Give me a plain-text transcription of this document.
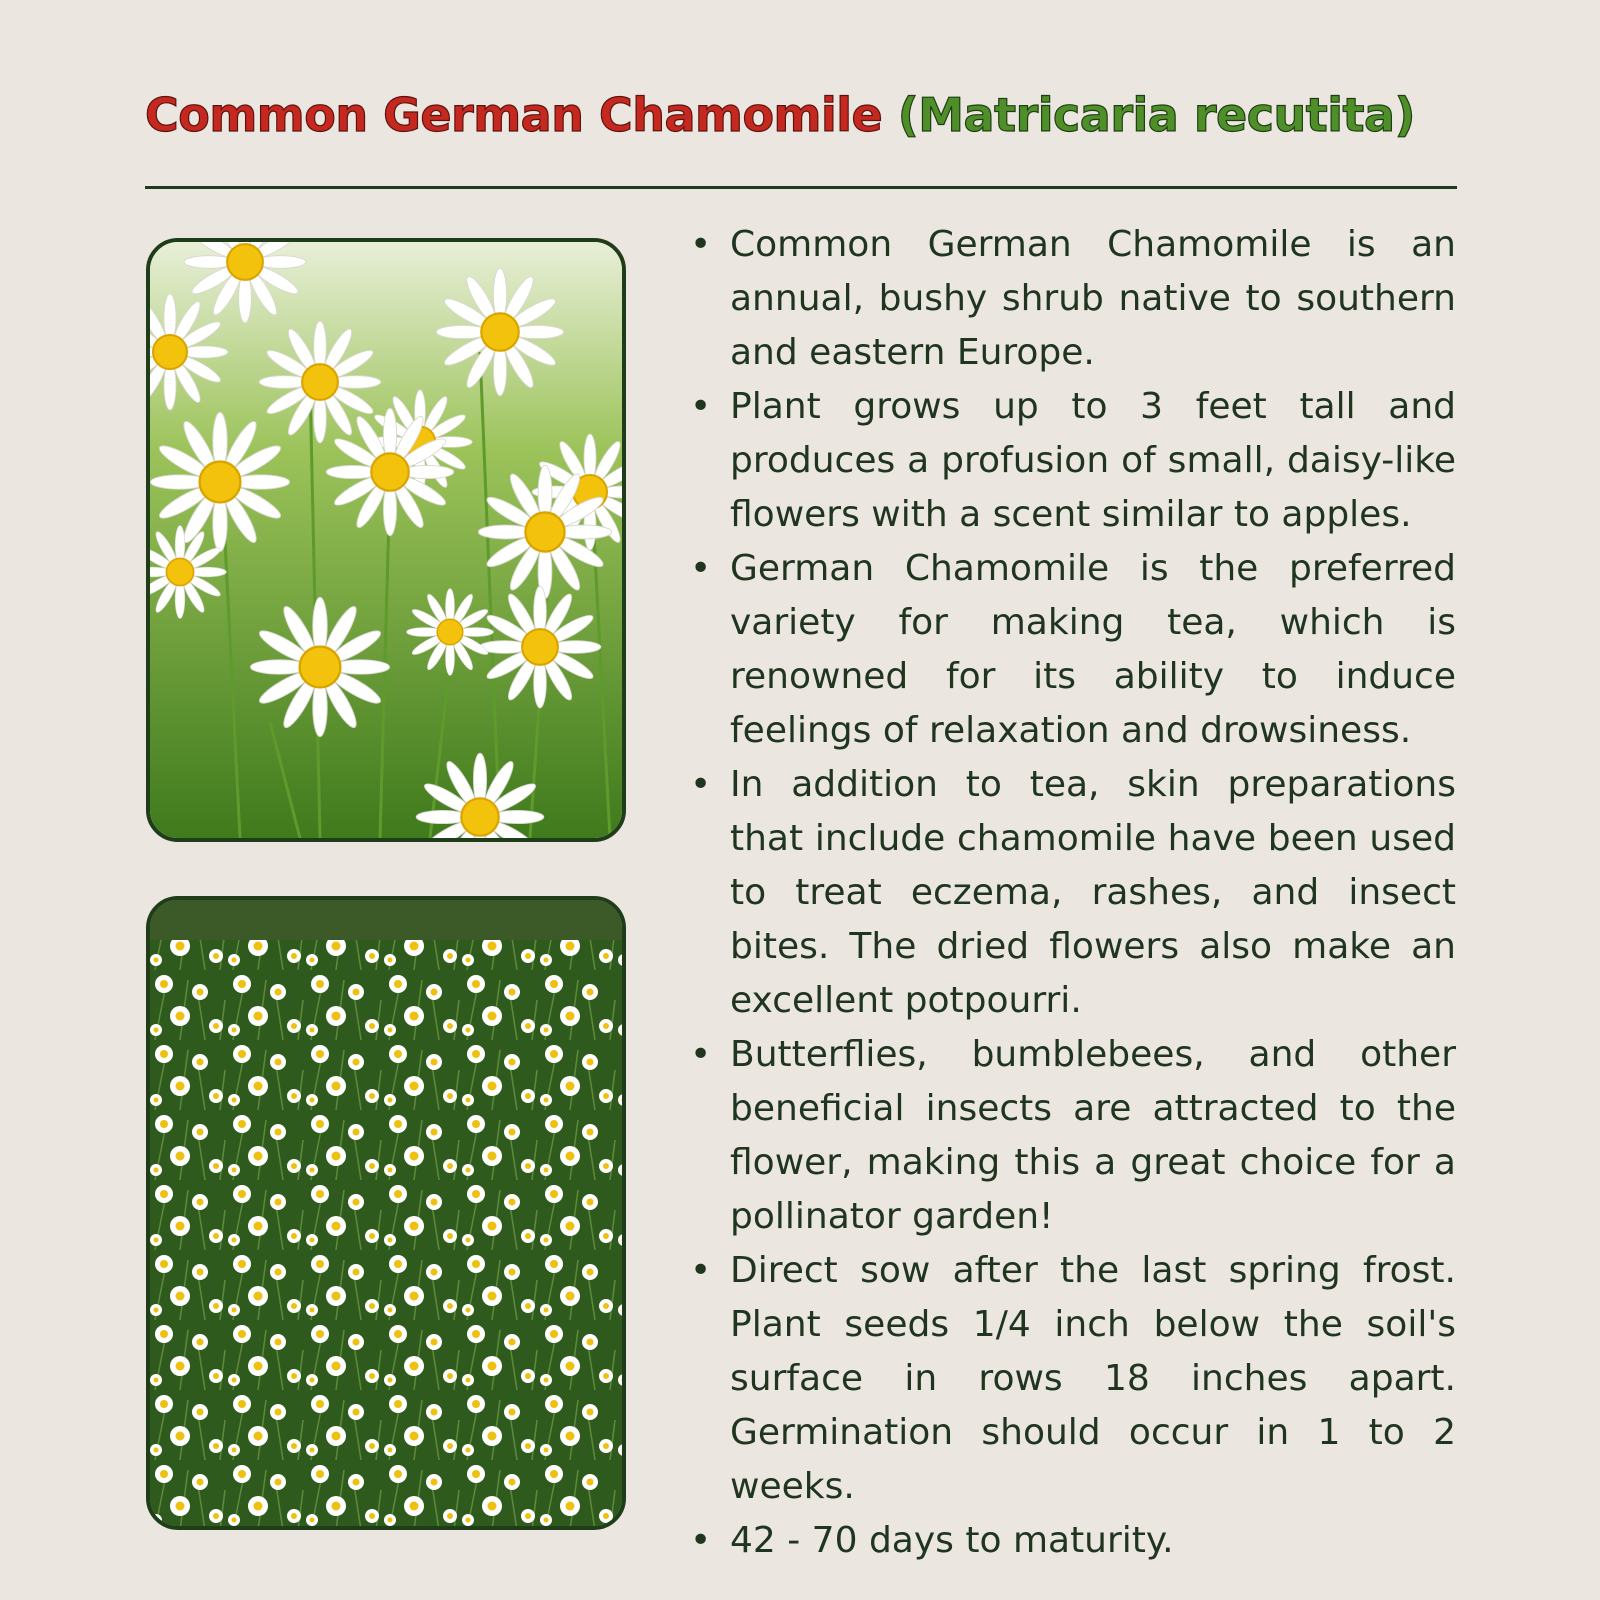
Common German Chamomile (Matricaria recutita)
• Common German Chamomile is an annual, bushy shrub native to southern and eastern Europe.
• Plant grows up to 3 feet tall and produces a profusion of small, daisy-like flowers with a scent similar to apples.
• German Chamomile is the preferred variety for making tea, which is renowned for its ability to induce feelings of relaxation and drowsiness.
• In addition to tea, skin preparations that include chamomile have been used to treat eczema, rashes, and insect bites. The dried flowers also make an excellent potpourri.
• Butterflies, bumblebees, and other beneficial insects are attracted to the flower, making this a great choice for a pollinator garden!
• Direct sow after the last spring frost. Plant seeds 1/4 inch below the soil's surface in rows 18 inches apart. Germination should occur in 1 to 2 weeks.
• 42 - 70 days to maturity.
